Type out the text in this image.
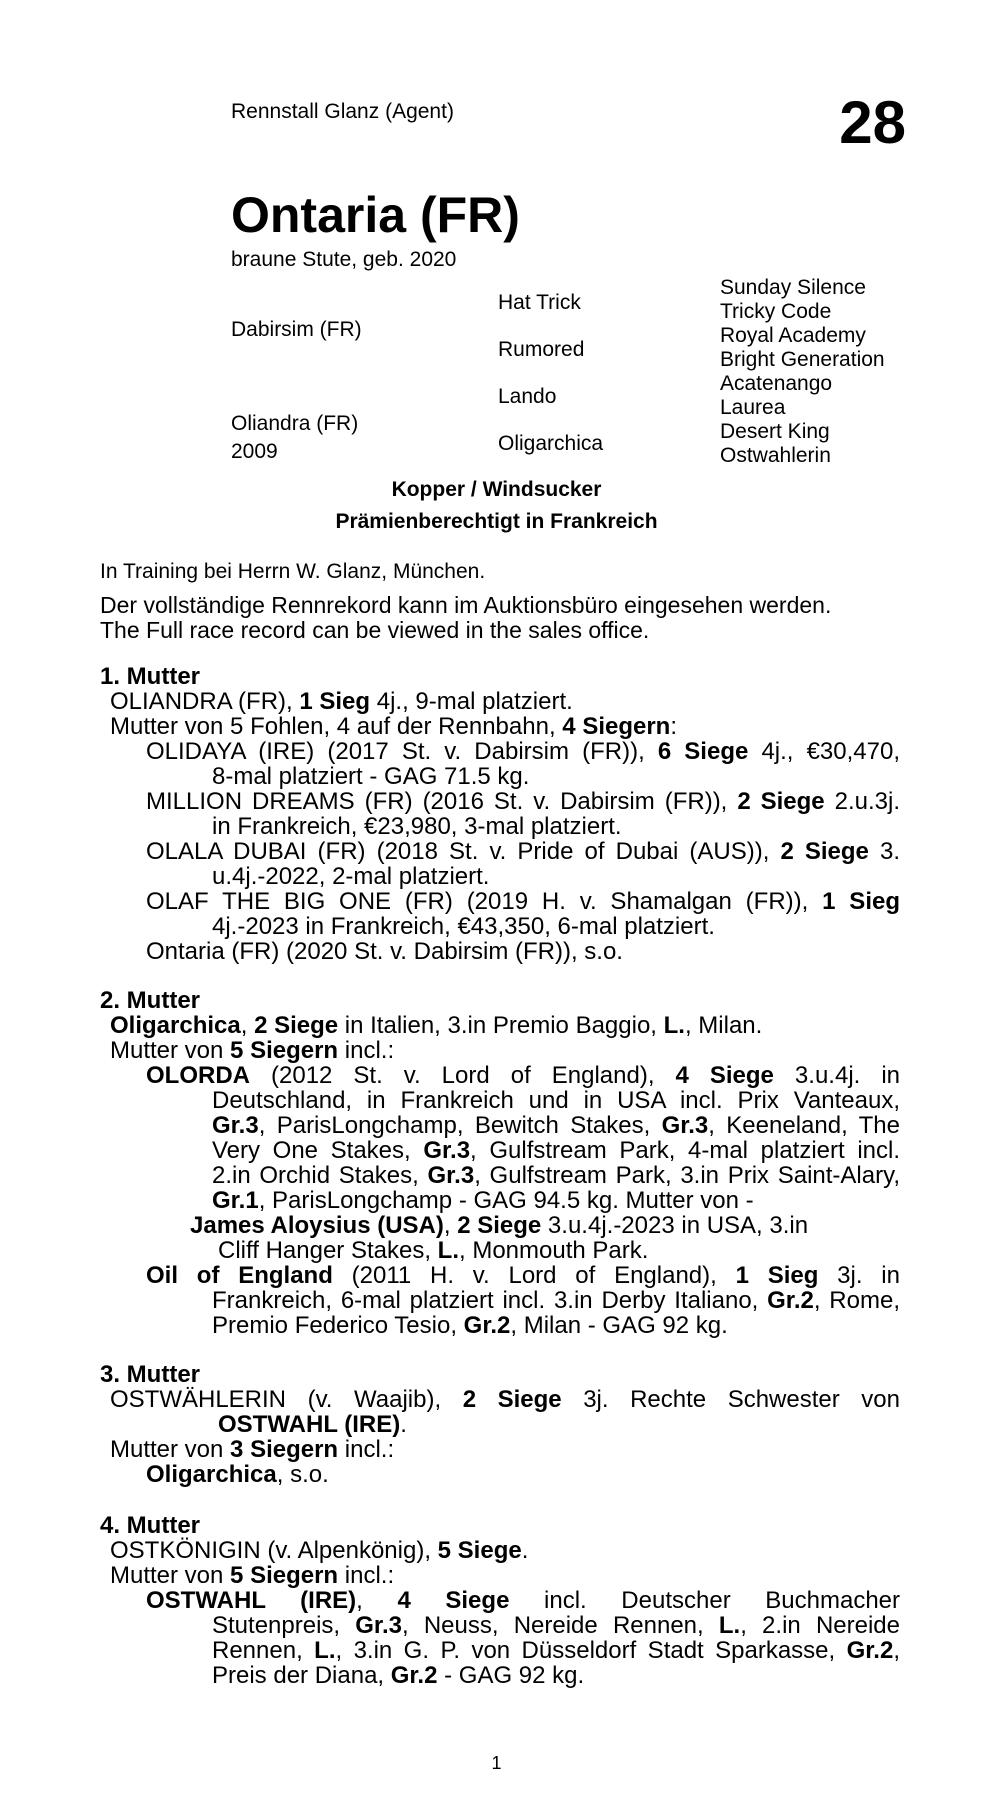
Rennstall Glanz (Agent)	28
Ontaria (FR)
braune Stute, geb. 2020
Dabirsim (FR)
Oliandra (FR)
2009
Hat Trick
Rumored
Lando
Oligarchica
Sunday Silence
Tricky Code
Royal Academy
Bright Generation
Acatenango
Laurea
Desert King
Ostwahlerin
Kopper / Windsucker
Prämienberechtigt in Frankreich
In Training bei Herrn W. Glanz, München.
Der vollständige Rennrekord kann im Auktionsbüro eingesehen werden.
The Full race record can be viewed in the sales office.
1. Mutter
OLIANDRA (FR), 1 Sieg 4j., 9-mal platziert.
Mutter von 5 Fohlen, 4 auf der Rennbahn, 4 Siegern:
OLIDAYA (IRE) (2017 St. v. Dabirsim (FR)), 6 Siege 4j., €30,470,
8-mal platziert - GAG 71.5 kg.
MILLION DREAMS (FR) (2016 St. v. Dabirsim (FR)), 2 Siege 2.u.3j.
in Frankreich, €23,980, 3-mal platziert.
OLALA DUBAI (FR) (2018 St. v. Pride of Dubai (AUS)), 2 Siege 3.
u.4j.-2022, 2-mal platziert.
OLAF THE BIG ONE (FR) (2019 H. v. Shamalgan (FR)), 1 Sieg
4j.-2023 in Frankreich, €43,350, 6-mal platziert.
Ontaria (FR) (2020 St. v. Dabirsim (FR)), s.o.
2. Mutter
Oligarchica, 2 Siege in Italien, 3.in Premio Baggio, L., Milan.
Mutter von 5 Siegern incl.:
OLORDA (2012 St. v. Lord of England), 4 Siege 3.u.4j. in
Deutschland, in Frankreich und in USA incl. Prix Vanteaux,
Gr.3, ParisLongchamp, Bewitch Stakes, Gr.3, Keeneland, The
Very One Stakes, Gr.3, Gulfstream Park, 4-mal platziert incl.
2.in Orchid Stakes, Gr.3, Gulfstream Park, 3.in Prix Saint-Alary,
Gr.1, ParisLongchamp - GAG 94.5 kg. Mutter von -
James Aloysius (USA), 2 Siege 3.u.4j.-2023 in USA, 3.in
Cliff Hanger Stakes, L., Monmouth Park.
Oil of England (2011 H. v. Lord of England), 1 Sieg 3j. in
Frankreich, 6-mal platziert incl. 3.in Derby Italiano, Gr.2, Rome,
Premio Federico Tesio, Gr.2, Milan - GAG 92 kg.
3. Mutter
OSTWÄHLERIN (v. Waajib), 2 Siege 3j. Rechte Schwester von
OSTWAHL (IRE).
Mutter von 3 Siegern incl.:
Oligarchica, s.o.
4. Mutter
OSTKÖNIGIN (v. Alpenkönig), 5 Siege.
Mutter von 5 Siegern incl.:
OSTWAHL (IRE), 4 Siege incl. Deutscher Buchmacher
Stutenpreis, Gr.3, Neuss, Nereide Rennen, L., 2.in Nereide
Rennen, L., 3.in G. P. von Düsseldorf Stadt Sparkasse, Gr.2,
Preis der Diana, Gr.2 - GAG 92 kg.
1
